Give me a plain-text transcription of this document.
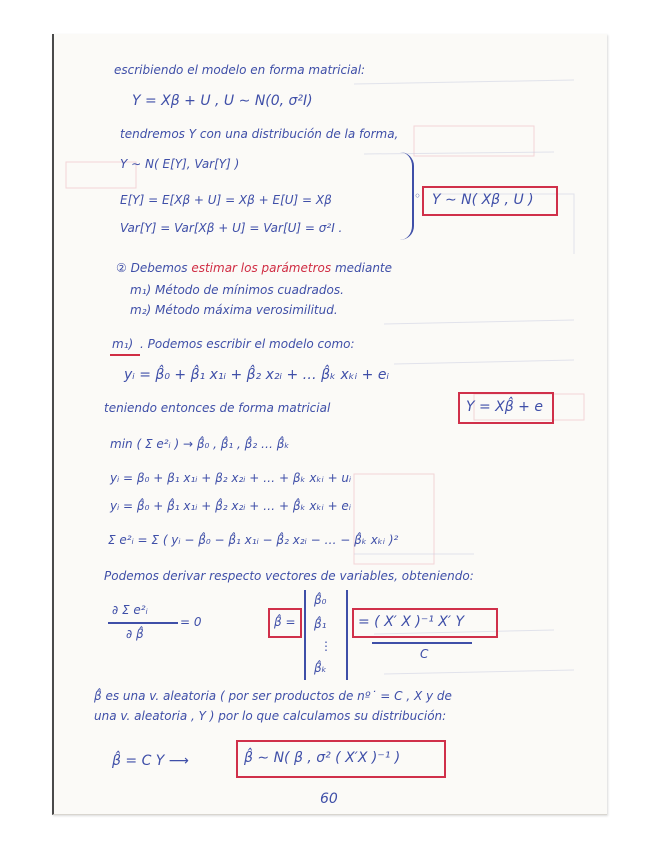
escribiendo el modelo en forma matricial:
Y = Xβ + U , U ∼ N(0, σ²I)
tendremos Y con una distribución de la forma,
Y ∼ N( E[Y], Var[Y] )
E[Y] = E[Xβ + U] = Xβ + E[U] = Xβ
Var[Y] = Var[Xβ + U] = Var[U] = σ²I .
◦ Y ∼ N( Xβ , U )
② Debemos estimar los parámetros mediante
m₁) Método de mínimos cuadrados.
m₂) Método máxima verosimilitud.
m₁) . Podemos escribir el modelo como:
yᵢ = β̂₀ + β̂₁ x₁ᵢ + β̂₂ x₂ᵢ + … β̂ₖ xₖᵢ + eᵢ
teniendo entonces de forma matricial	Y = Xβ̂ + e
min ( Σ e²ᵢ ) → β̂₀ , β̂₁ , β̂₂ … β̂ₖ
yᵢ = β₀ + β₁ x₁ᵢ + β₂ x₂ᵢ + … + βₖ xₖᵢ + uᵢ
yᵢ = β̂₀ + β̂₁ x₁ᵢ + β̂₂ x₂ᵢ + … + β̂ₖ xₖᵢ + eᵢ
Σ e²ᵢ = Σ ( yᵢ − β̂₀ − β̂₁ x₁ᵢ − β̂₂ x₂ᵢ − … − β̂ₖ xₖᵢ )²
Podemos derivar respecto vectores de variables, obteniendo:
∂ Σ e²ᵢ
∂ β̂
= 0	β̂ =
β̂₀
β̂₁
⋮
β̂ₖ
= ( X′ X )⁻¹ X′ Y
C
β̂ es una v. aleatoria ( por ser productos de nº˙ = C , X y de
una v. aleatoria , Y ) por lo que calculamos su distribución:
β̂ = C Y ⟶	β̂ ∼ N( β , σ² ( X′X )⁻¹ )
60
